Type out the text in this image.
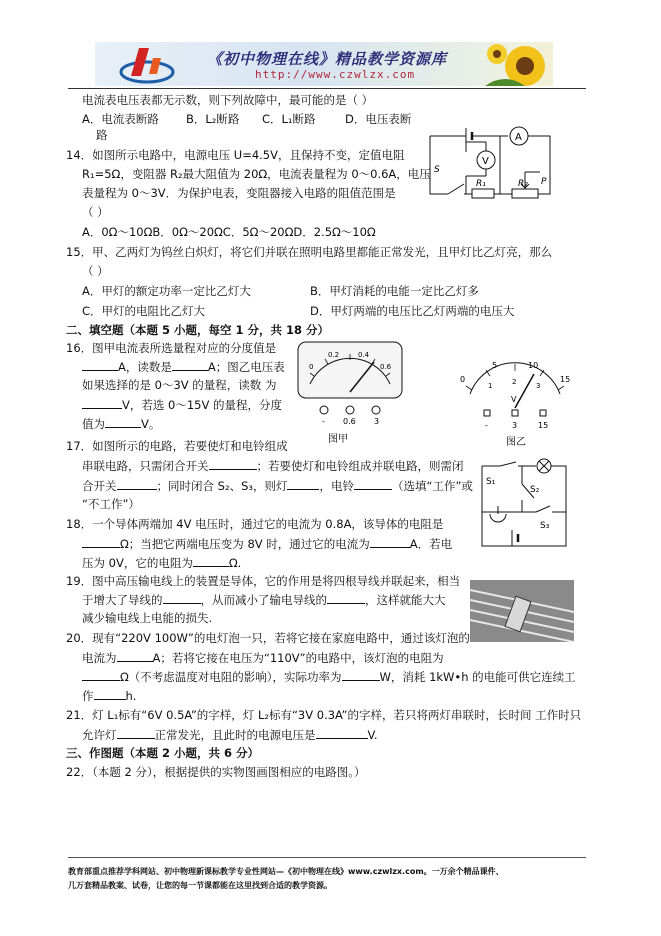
《初中物理在线》精品教学资源库
http://www.czwlzx.com
电流表电压表都无示数，则下列故障中，最可能的是（ ）
A．电流表断路 B．L₂断路 C．L₁断路	D．电压表断
路
14．如图所示电路中，电源电压 U=4.5V，且保持不变，定值电阻
R₁=5Ω，变阻器 R₂最大阻值为 20Ω，电流表量程为 0～0.6A，电压
表量程为 0～3V．为保护电表，变阻器接入电路的阻值范围是
（ ）
A．0Ω～10ΩB．0Ω～20ΩC．5Ω～20ΩD．2.5Ω～10Ω
A
V
S
R₁	R₂ P
15．甲、乙两灯为钨丝白炽灯，将它们并联在照明电路里都能正常发光，且甲灯比乙灯亮，那么
（ ）
A．甲灯的额定功率一定比乙灯大	B．甲灯消耗的电能一定比乙灯多
C．甲灯的电阻比乙灯大	D．甲灯两端的电压比乙灯两端的电压大
二、填空题（本题 5 小题，每空 1 分，共 18 分）
16．图甲电流表所选量程对应的分度值是
A，读数是	A；图乙电压表
如果选择的是 0～3V 的量程，读数 为
V，若选 0～15V 的量程，分度
值为	V。
0
0.2	0.4
0.6
- 0.6 3
图甲
0
5	10
15
1	2	3
V
-	3	15
图乙
17．如图所示的电路，若要使灯和电铃组成
串联电路，只需闭合开关	；若要使灯和电铃组成并联电路，则需闭
合开关	；同时闭合 S₂、S₃，则灯	，电铃	（选填“工作”或
“不工作”）
S₁
S₂
S₃
18．一个导体两端加 4V 电压时，通过它的电流为 0.8A，该导体的电阻是
Ω；当把它两端电压变为 8V 时，通过它的电流为	A．若电
压为 0V，它的电阻为	Ω.
19．图中高压输电线上的装置是导体，它的作用是将四根导线并联起来，相当
于增大了导线的	，从而减小了输电导线的	，这样就能大大
减少输电线上电能的损失.
20．现有“220V 100W”的电灯泡一只，若将它接在家庭电路中，通过该灯泡的
电流为	A；若将它接在电压为“110V”的电路中，该灯泡的电阻为
Ω（不考虑温度对电阻的影响），实际功率为	W，消耗 1kW•h 的电能可供它连续工
作	h.
21．灯 L₁标有“6V 0.5A”的字样，灯 L₂标有“3V 0.3A”的字样，若只将两灯串联时，长时间 工作时只
允许灯	正常发光，且此时的电源电压是	V.
三、作图题（本题 2 小题，共 6 分）
22．（本题 2 分），根据提供的实物图画图相应的电路图。）
教育部重点推荐学科网站、初中物理新课标教学专业性网站—《初中物理在线》www.czwlzx.com。一万余个精品课件、
几万套精品教案、试卷，让您的每一节课都能在这里找到合适的教学资源。
